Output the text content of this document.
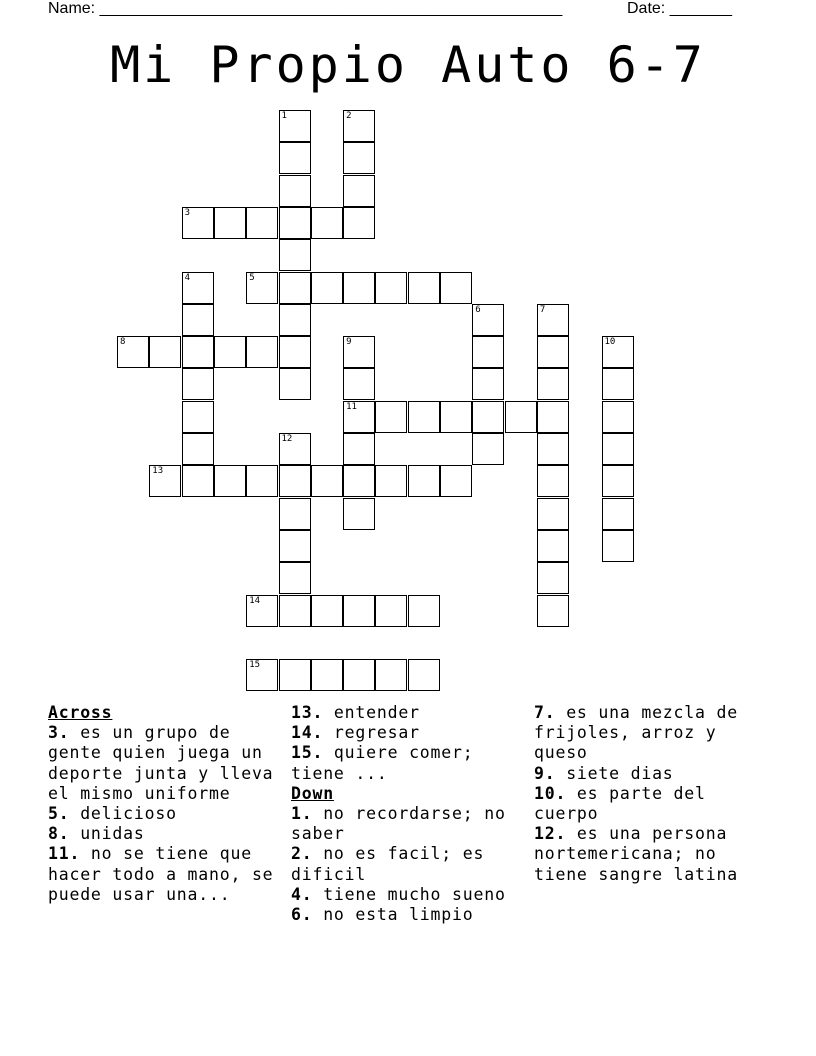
Name: ____________________________________________________	Date: _______
Mi Propio Auto 6-7
1	2
3
4	5
6	7
8	9
11
10
12
13
14
15

Across

3. es un grupo de gente quien juega un deporte junta y lleva el mismo uniforme

5. delicioso

8. unidas

11. no se tiene que hacer todo a mano, se puede usar una...

13. entender

14. regresar

15. quiere comer; tiene ...

Down

1. no recordarse; no saber

2. no es facil; es dificil

4. tiene mucho sueno

6. no esta limpio

7. es una mezcla de frijoles, arroz y queso

9. siete dias

10. es parte del cuerpo

12. es una persona nortemericana; no tiene sangre latina
